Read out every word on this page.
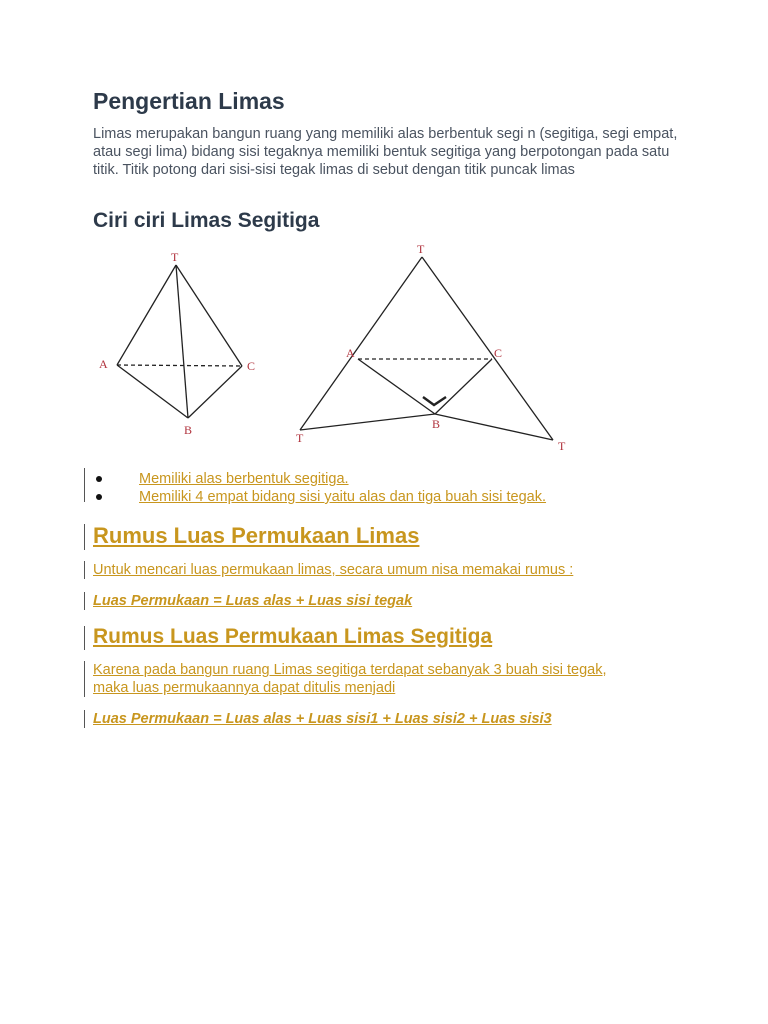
Pengertian Limas

Limas merupakan bangun ruang yang memiliki alas berbentuk segi n (segitiga, segi empat, atau segi lima) bidang sisi tegaknya memiliki bentuk segitiga yang berpotongan pada satu titik. Titik potong dari sisi-sisi tegak limas di sebut dengan titik puncak limas

Ciri ciri Limas Segitiga
T
A	C
B
T
A	C
B
T
T
Memiliki alas berbentuk segitiga.
Memiliki 4 empat bidang sisi yaitu alas dan tiga buah sisi tegak.
Rumus Luas Permukaan Limas

Untuk mencari luas permukaan limas, secara umum nisa memakai rumus :

Luas Permukaan = Luas alas + Luas sisi tegak

Rumus Luas Permukaan Limas Segitiga
Karena pada bangun ruang Limas segitiga terdapat sebanyak 3 buah sisi tegak,
maka luas permukaannya dapat ditulis menjadi

Luas Permukaan = Luas alas + Luas sisi1 + Luas sisi2 + Luas sisi3
